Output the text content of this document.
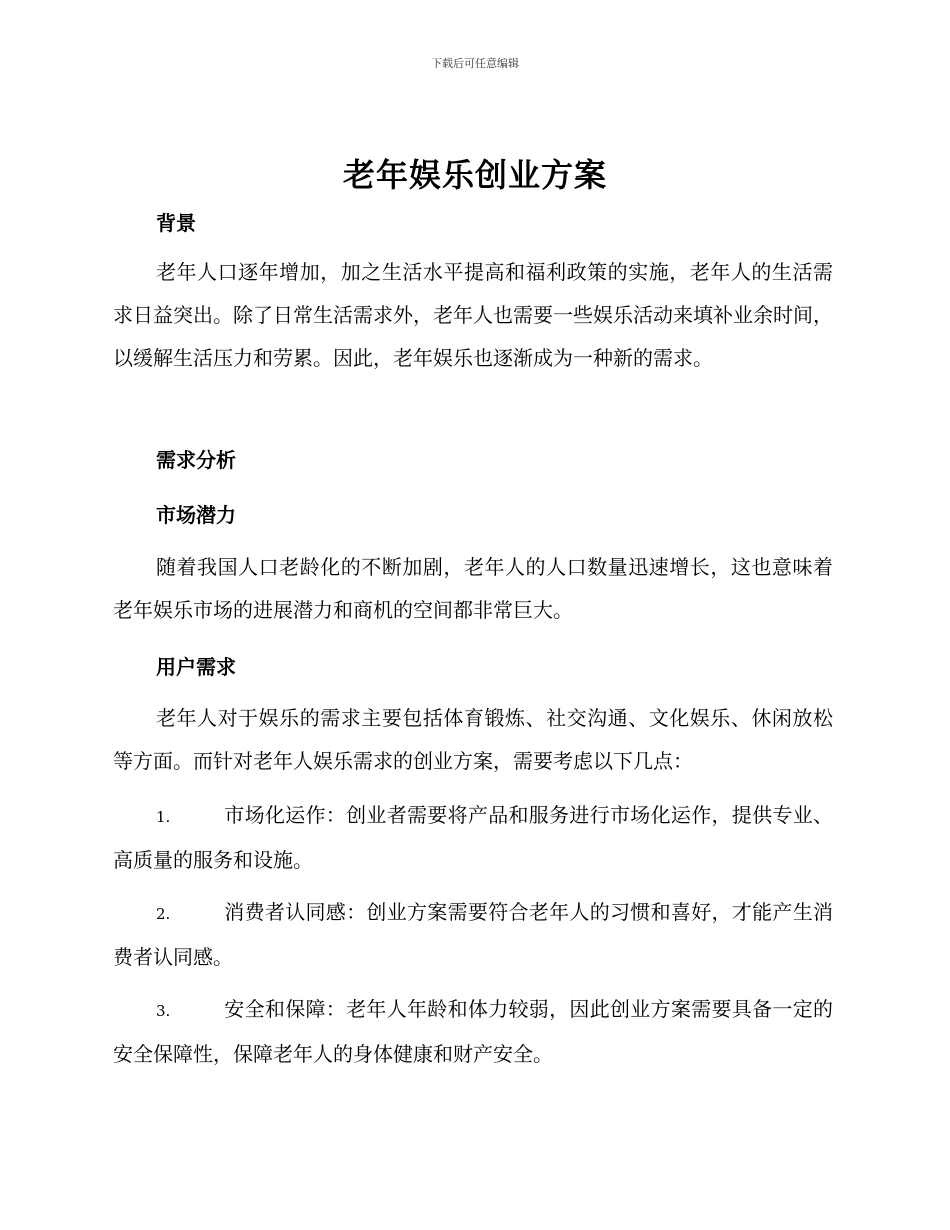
下载后可任意编辑
老年娱乐创业方案
背景
老年人口逐年增加，加之生活水平提高和福利政策的实施，老年人的生活需求日益突出。除了日常生活需求外，老年人也需要一些娱乐活动来填补业余时间，以缓解生活压力和劳累。因此，老年娱乐也逐渐成为一种新的需求。
需求分析
市场潜力
随着我国人口老龄化的不断加剧，老年人的人口数量迅速增长，这也意味着老年娱乐市场的进展潜力和商机的空间都非常巨大。
用户需求
老年人对于娱乐的需求主要包括体育锻炼、社交沟通、文化娱乐、休闲放松等方面。而针对老年人娱乐需求的创业方案，需要考虑以下几点：
1.	市场化运作：创业者需要将产品和服务进行市场化运作，提供专业、高质量的服务和设施。
2.	消费者认同感：创业方案需要符合老年人的习惯和喜好，才能产生消费者认同感。
3.	安全和保障：老年人年龄和体力较弱，因此创业方案需要具备一定的安全保障性，保障老年人的身体健康和财产安全。
